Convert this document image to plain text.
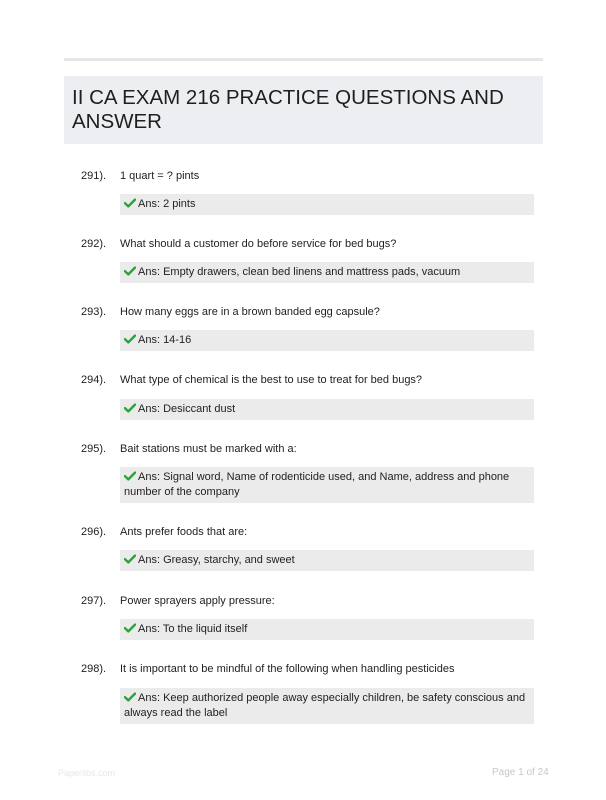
II CA EXAM 216 PRACTICE QUESTIONS AND ANSWER
291). 1 quart = ? pints
Ans: 2 pints
292). What should a customer do before service for bed bugs?
Ans: Empty drawers, clean bed linens and mattress pads, vacuum
293). How many eggs are in a brown banded egg capsule?
Ans: 14-16
294). What type of chemical is the best to use to treat for bed bugs?
Ans: Desiccant dust
295). Bait stations must be marked with a:
Ans: Signal word, Name of rodenticide used, and Name, address and phone number of the company
296). Ants prefer foods that are:
Ans: Greasy, starchy, and sweet
297). Power sprayers apply pressure:
Ans: To the liquid itself
298). It is important to be mindful of the following when handling pesticides
Ans: Keep authorized people away especially children, be safety conscious and always read the label
Paperlibs.com	Page 1 of 24
